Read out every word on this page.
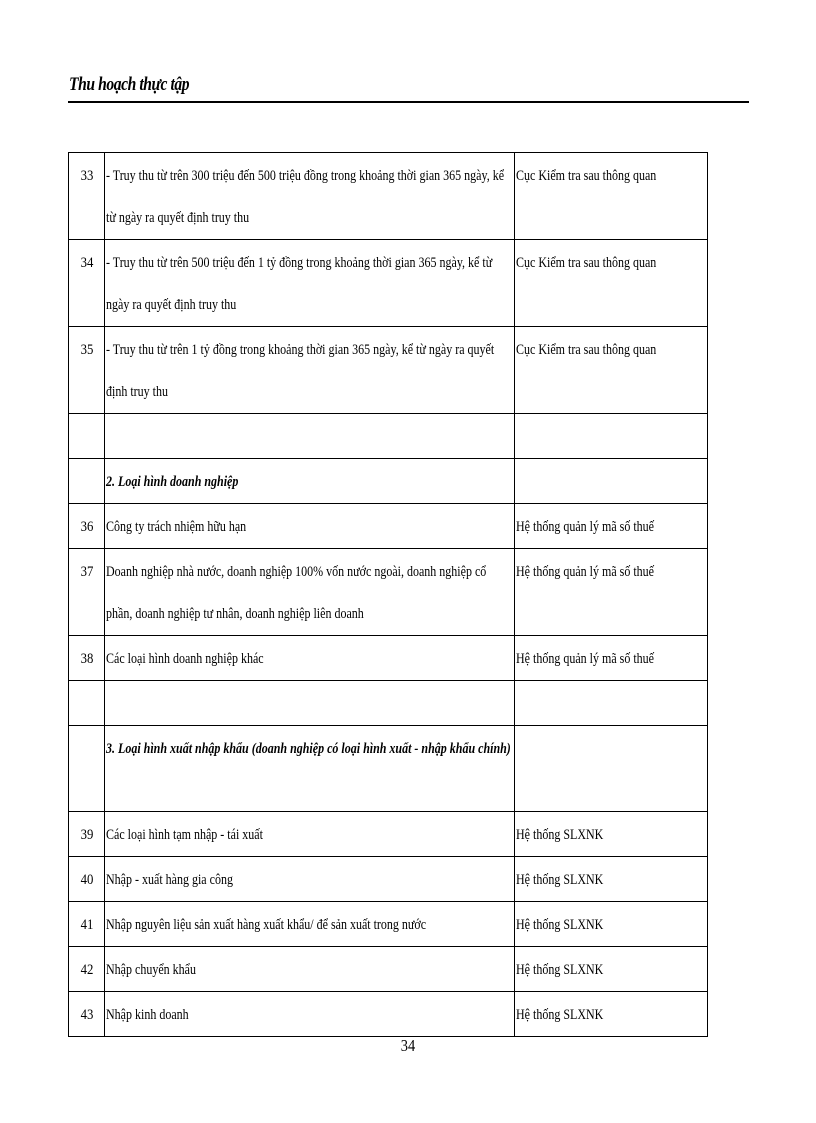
Thu hoạch thực tập
33	- Truy thu từ trên 300 triệu đến 500 triệu đồng trong khoảng thời gian 365 ngày, kể từ ngày ra quyết định truy thu	Cục Kiểm tra sau thông quan
34	- Truy thu từ trên 500 triệu đến 1 tỷ đồng trong khoảng thời gian 365 ngày, kể từ ngày ra quyết định truy thu	Cục Kiểm tra sau thông quan
35	- Truy thu từ trên 1 tỷ đồng trong khoảng thời gian 365 ngày, kể từ ngày ra quyết định truy thu	Cục Kiểm tra sau thông quan

	2. Loại hình doanh nghiệp	
36	Công ty trách nhiệm hữu hạn	Hệ thống quản lý mã số thuế
37	Doanh nghiệp nhà nước, doanh nghiệp 100% vốn nước ngoài, doanh nghiệp cổ phần, doanh nghiệp tư nhân, doanh nghiệp liên doanh	Hệ thống quản lý mã số thuế
38	Các loại hình doanh nghiệp khác	Hệ thống quản lý mã số thuế

	3. Loại hình xuất nhập khẩu (doanh nghiệp có loại hình xuất - nhập khẩu chính)	
39	Các loại hình tạm nhập - tái xuất	Hệ thống SLXNK
40	Nhập - xuất hàng gia công	Hệ thống SLXNK
41	Nhập nguyên liệu sản xuất hàng xuất khẩu/ để sản xuất trong nước	Hệ thống SLXNK
42	Nhập chuyển khẩu	Hệ thống SLXNK
43	Nhập kinh doanh	Hệ thống SLXNK
34
